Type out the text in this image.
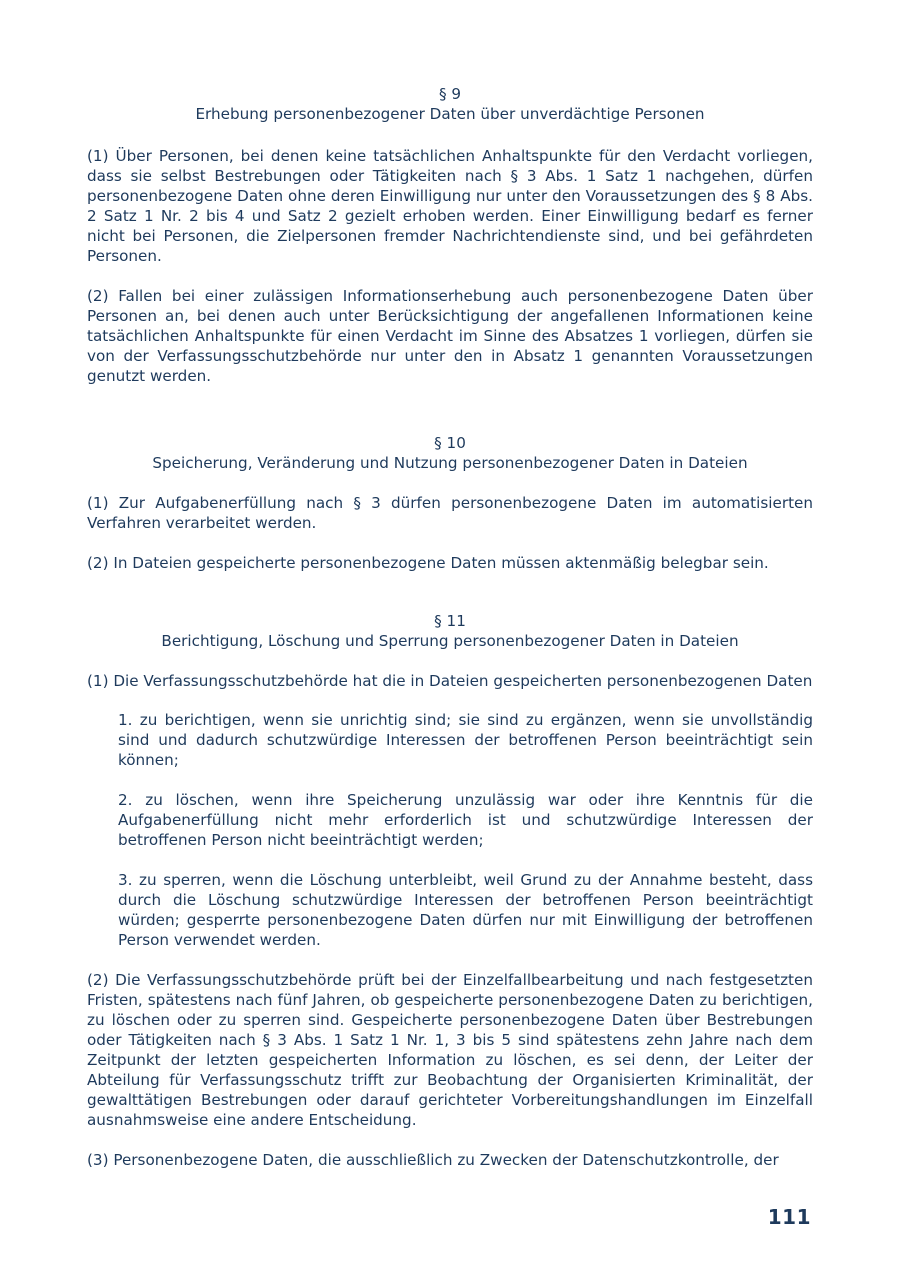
§ 9
Erhebung personenbezogener Daten über unverdächtige Personen

(1) Über Personen, bei denen keine tatsächlichen Anhaltspunkte für den Verdacht vorliegen, dass sie selbst Bestrebungen oder Tätigkeiten nach § 3 Abs. 1 Satz 1 nachgehen, dürfen personenbezogene Daten ohne deren Einwilligung nur unter den Voraussetzungen des § 8 Abs. 2 Satz 1 Nr. 2 bis 4 und Satz 2 gezielt erhoben werden. Einer Einwilligung bedarf es ferner nicht bei Personen, die Zielpersonen fremder Nachrichtendienste sind, und bei gefährdeten Personen.

(2) Fallen bei einer zulässigen Informationserhebung auch personenbezogene Daten über Personen an, bei denen auch unter Berücksichtigung der angefallenen Informationen keine tatsächlichen Anhaltspunkte für einen Verdacht im Sinne des Absatzes 1 vorliegen, dürfen sie von der Verfassungsschutzbehörde nur unter den in Absatz 1 genannten Voraussetzungen genutzt werden.

§ 10
Speicherung, Veränderung und Nutzung personenbezogener Daten in Dateien

(1) Zur Aufgabenerfüllung nach § 3 dürfen personenbezogene Daten im automatisierten Verfahren verarbeitet werden.

(2) In Dateien gespeicherte personenbezogene Daten müssen aktenmäßig belegbar sein.

§ 11
Berichtigung, Löschung und Sperrung personenbezogener Daten in Dateien

(1) Die Verfassungsschutzbehörde hat die in Dateien gespeicherten personenbezogenen Daten

1. zu berichtigen, wenn sie unrichtig sind; sie sind zu ergänzen, wenn sie unvollständig sind und dadurch schutzwürdige Interessen der betroffenen Person beeinträchtigt sein können;

2. zu löschen, wenn ihre Speicherung unzulässig war oder ihre Kenntnis für die Aufgabenerfüllung nicht mehr erforderlich ist und schutzwürdige Interessen der betroffenen Person nicht beeinträchtigt werden;

3. zu sperren, wenn die Löschung unterbleibt, weil Grund zu der Annahme besteht, dass durch die Löschung schutzwürdige Interessen der betroffenen Person beeinträchtigt würden; gesperrte personenbezogene Daten dürfen nur mit Einwilligung der betroffenen Person verwendet werden.

(2) Die Verfassungsschutzbehörde prüft bei der Einzelfallbearbeitung und nach festgesetzten Fristen, spätestens nach fünf Jahren, ob gespeicherte personenbezogene Daten zu berichtigen, zu löschen oder zu sperren sind. Gespeicherte personenbezogene Daten über Bestrebungen oder Tätigkeiten nach § 3 Abs. 1 Satz 1 Nr. 1, 3 bis 5 sind spätestens zehn Jahre nach dem Zeitpunkt der letzten gespeicherten Information zu löschen, es sei denn, der Leiter der Abteilung für Verfassungsschutz trifft zur Beobachtung der Organisierten Kriminalität, der gewalttätigen Bestrebungen oder darauf gerichteter Vorbereitungshandlungen im Einzelfall ausnahmsweise eine andere Entscheidung.

(3) Personenbezogene Daten, die ausschließlich zu Zwecken der Datenschutzkontrolle, der

111
